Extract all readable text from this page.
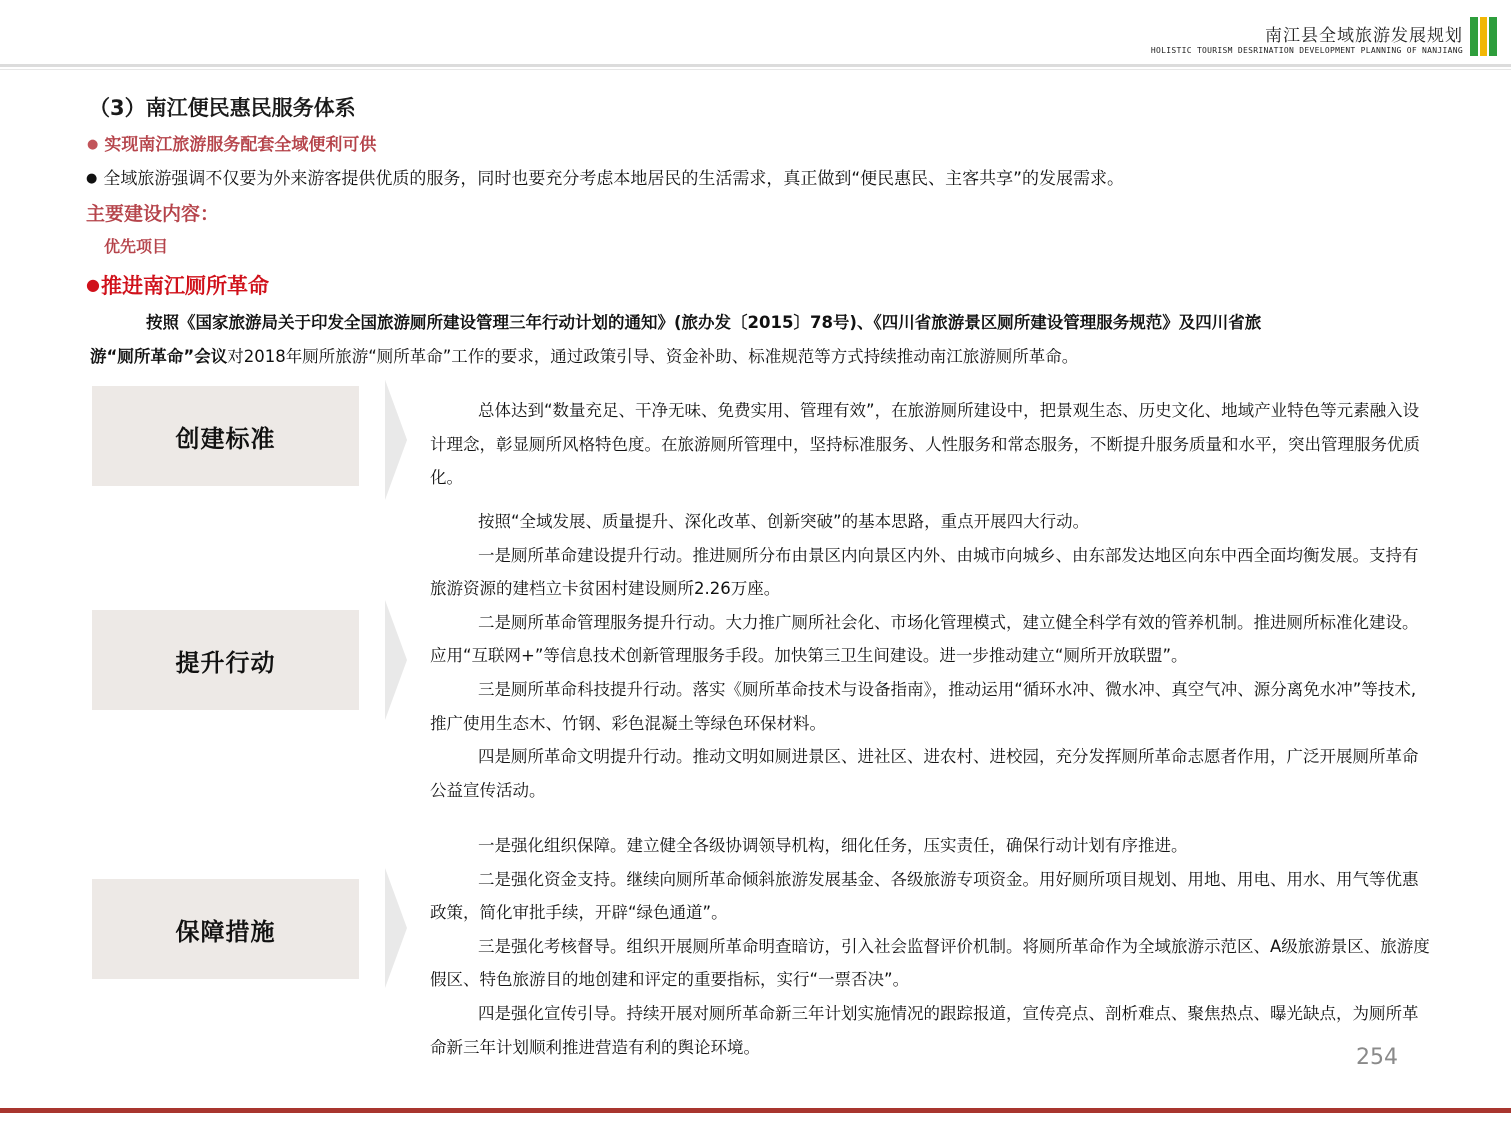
南江县全域旅游发展规划
HOLISTIC TOURISM DESRINATION DEVELOPMENT PLANNING OF NANJIANG
（3）南江便民惠民服务体系
● 实现南江旅游服务配套全域便利可供
● 全域旅游强调不仅要为外来游客提供优质的服务，同时也要充分考虑本地居民的生活需求，真正做到“便民惠民、主客共享”的发展需求。
主要建设内容：
优先项目
●推进南江厕所革命
按照《国家旅游局关于印发全国旅游厕所建设管理三年行动计划的通知》(旅办发〔2015〕78号)、《四川省旅游景区厕所建设管理服务规范》及四川省旅
游“厕所革命”会议对2018年厕所旅游“厕所革命”工作的要求，通过政策引导、资金补助、标准规范等方式持续推动南江旅游厕所革命。
创建标准

总体达到“数量充足、干净无味、免费实用、管理有效”，在旅游厕所建设中，把景观生态、历史文化、地域产业特色等元素融入设计理念，彰显厕所风格特色度。在旅游厕所管理中，坚持标准服务、人性服务和常态服务，不断提升服务质量和水平，突出管理服务优质化。

提升行动

按照“全域发展、质量提升、深化改革、创新突破”的基本思路，重点开展四大行动。

一是厕所革命建设提升行动。推进厕所分布由景区内向景区内外、由城市向城乡、由东部发达地区向东中西全面均衡发展。支持有旅游资源的建档立卡贫困村建设厕所2.26万座。

二是厕所革命管理服务提升行动。大力推广厕所社会化、市场化管理模式，建立健全科学有效的管养机制。推进厕所标准化建设。应用“互联网+”等信息技术创新管理服务手段。加快第三卫生间建设。进一步推动建立“厕所开放联盟”。

三是厕所革命科技提升行动。落实《厕所革命技术与设备指南》，推动运用“循环水冲、微水冲、真空气冲、源分离免水冲”等技术,推广使用生态木、竹钢、彩色混凝土等绿色环保材料。

四是厕所革命文明提升行动。推动文明如厕进景区、进社区、进农村、进校园，充分发挥厕所革命志愿者作用，广泛开展厕所革命公益宣传活动。

保障措施

一是强化组织保障。建立健全各级协调领导机构，细化任务，压实责任，确保行动计划有序推进。

二是强化资金支持。继续向厕所革命倾斜旅游发展基金、各级旅游专项资金。用好厕所项目规划、用地、用电、用水、用气等优惠政策，简化审批手续，开辟“绿色通道”。

三是强化考核督导。组织开展厕所革命明查暗访，引入社会监督评价机制。将厕所革命作为全域旅游示范区、A级旅游景区、旅游度假区、特色旅游目的地创建和评定的重要指标，实行“一票否决”。

四是强化宣传引导。持续开展对厕所革命新三年计划实施情况的跟踪报道，宣传亮点、剖析难点、聚焦热点、曝光缺点，为厕所革命新三年计划顺利推进营造有利的舆论环境。	254
